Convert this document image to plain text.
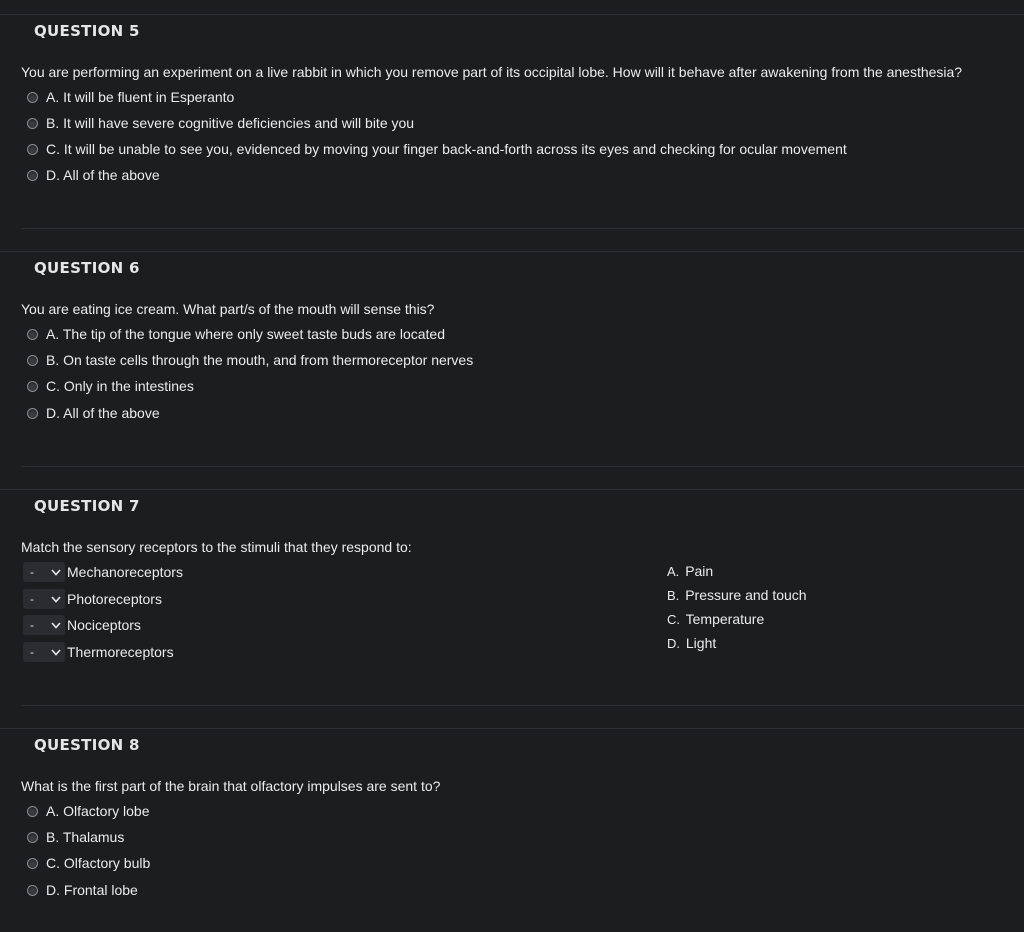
QUESTION 5
You are performing an experiment on a live rabbit in which you remove part of its occipital lobe. How will it behave after awakening from the anesthesia?
A. It will be fluent in Esperanto
B. It will have severe cognitive deficiencies and will bite you
C. It will be unable to see you, evidenced by moving your finger back-and-forth across its eyes and checking for ocular movement
D. All of the above
QUESTION 6
You are eating ice cream. What part/s of the mouth will sense this?
A. The tip of the tongue where only sweet taste buds are located
B. On taste cells through the mouth, and from thermoreceptor nerves
C. Only in the intestines
D. All of the above
QUESTION 7
Match the sensory receptors to the stimuli that they respond to:
- Mechanoreceptors
- Photoreceptors
- Nociceptors
- Thermoreceptors
A. Pain
B. Pressure and touch
C. Temperature
D. Light
QUESTION 8
What is the first part of the brain that olfactory impulses are sent to?
A. Olfactory lobe
B. Thalamus
C. Olfactory bulb
D. Frontal lobe
